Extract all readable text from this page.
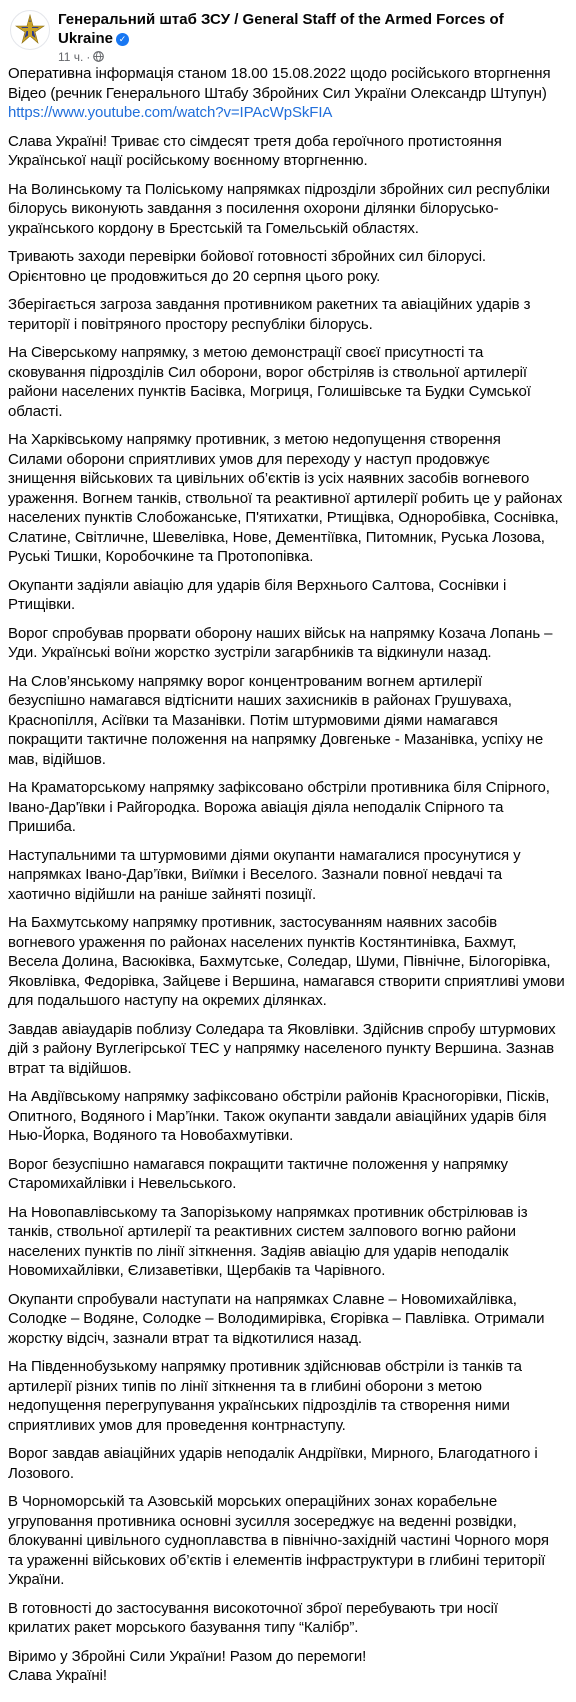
Генеральний штаб ЗСУ / General Staff of the Armed Forces of Ukraine ✓
11 ч. ·

Оперативна інформація станом 18.00 15.08.2022 щодо російського вторгнення
Відео (речник Генерального Штабу Збройних Сил України Олександр Штупун)
https://www.youtube.com/watch?v=IPAcWpSkFIA

Слава Україні! Триває сто сімдесят третя доба героїчного протистояння
Української нації російському воєнному вторгненню.

На Волинському та Поліському напрямках підрозділи збройних сил республіки
білорусь виконують завдання з посилення охорони ділянки білорусько-
українського кордону в Брестській та Гомельській областях.

Тривають заходи перевірки бойової готовності збройних сил білорусі.
Орієнтовно це продовжиться до 20 серпня цього року.

Зберігається загроза завдання противником ракетних та авіаційних ударів з
території і повітряного простору республіки білорусь.

На Сіверському напрямку, з метою демонстрації своєї присутності та
сковування підрозділів Сил оборони, ворог обстріляв із ствольної артилерії
райони населених пунктів Басівка, Могриця, Голишівське та Будки Сумської
області.

На Харківському напрямку противник, з метою недопущення створення
Силами оборони сприятливих умов для переходу у наступ продовжує
знищення військових та цивільних об’єктів із усіх наявних засобів вогневого
ураження. Вогнем танків, ствольної та реактивної артилерії робить це у районах
населених пунктів Слобожанське, П'ятихатки, Ртищівка, Одноробівка, Соснівка,
Слатине, Світличне, Шевелівка, Нове, Дементіївка, Питомник, Руська Лозова,
Руські Тишки, Коробочкине та Протопопівка.

Окупанти задіяли авіацію для ударів біля Верхнього Салтова, Соснівки і
Ртищівки.

Ворог спробував прорвати оборону наших військ на напрямку Козача Лопань –
Уди. Українські воїни жорстко зустріли загарбників та відкинули назад.

На Слов’янському напрямку ворог концентрованим вогнем артилерії
безуспішно намагався відтіснити наших захисників в районах Грушуваха,
Краснопілля, Асіївки та Мазанівки. Потім штурмовими діями намагався
покращити тактичне положення на напрямку Довгеньке - Мазанівка, успіху не
мав, відійшов.

На Краматорському напрямку зафіксовано обстріли противника біля Спірного,
Івано-Дар'ївки і Райгородка. Ворожа авіація діяла неподалік Спірного та
Пришиба.

Наступальними та штурмовими діями окупанти намагалися просунутися у
напрямках Івано-Дар’ївки, Виїмки і Веселого. Зазнали повної невдачі та
хаотично відійшли на раніше зайняті позиції.

На Бахмутському напрямку противник, застосуванням наявних засобів
вогневого ураження по районах населених пунктів Костянтинівка, Бахмут,
Весела Долина, Васюківка, Бахмутське, Соледар, Шуми, Північне, Білогорівка,
Яковлівка, Федорівка, Зайцеве і Вершина, намагався створити сприятливі умови
для подальшого наступу на окремих ділянках.

Завдав авіаударів поблизу Соледара та Яковлівки. Здійснив спробу штурмових
дій з району Вуглегірської ТЕС у напрямку населеного пункту Вершина. Зазнав
втрат та відійшов.

На Авдіївському напрямку зафіксовано обстріли районів Красногорівки, Пісків,
Опитного, Водяного і Мар’їнки. Також окупанти завдали авіаційних ударів біля
Нью-Йорка, Водяного та Новобахмутівки.

Ворог безуспішно намагався покращити тактичне положення у напрямку
Старомихайлівки і Невельського.

На Новопавлівському та Запорізькому напрямках противник обстрілював із
танків, ствольної артилерії та реактивних систем залпового вогню райони
населених пунктів по лінії зіткнення. Задіяв авіацію для ударів неподалік
Новомихайлівки, Єлизаветівки, Щербаків та Чарівного.

Окупанти спробували наступати на напрямках Славне – Новомихайлівка,
Солодке – Водяне, Солодке – Володимирівка, Єгорівка – Павлівка. Отримали
жорстку відсіч, зазнали втрат та відкотилися назад.

На Південнобузькому напрямку противник здійснював обстріли із танків та
артилерії різних типів по лінії зіткнення та в глибині оборони з метою
недопущення перегрупування українських підрозділів та створення ними
сприятливих умов для проведення контрнаступу.

Ворог завдав авіаційних ударів неподалік Андріївки, Мирного, Благодатного і
Лозового.

В Чорноморській та Азовській морських операційних зонах корабельне
угруповання противника основні зусилля зосереджує на веденні розвідки,
блокуванні цивільного судноплавства в північно-західній частині Чорного моря
та ураженні військових об’єктів і елементів інфраструктури в глибині території
України.

В готовності до застосування високоточної зброї перебувають три носії
крилатих ракет морського базування типу “Калібр”.

Віримо у Збройні Сили України! Разом до перемоги!
Слава Україні!
